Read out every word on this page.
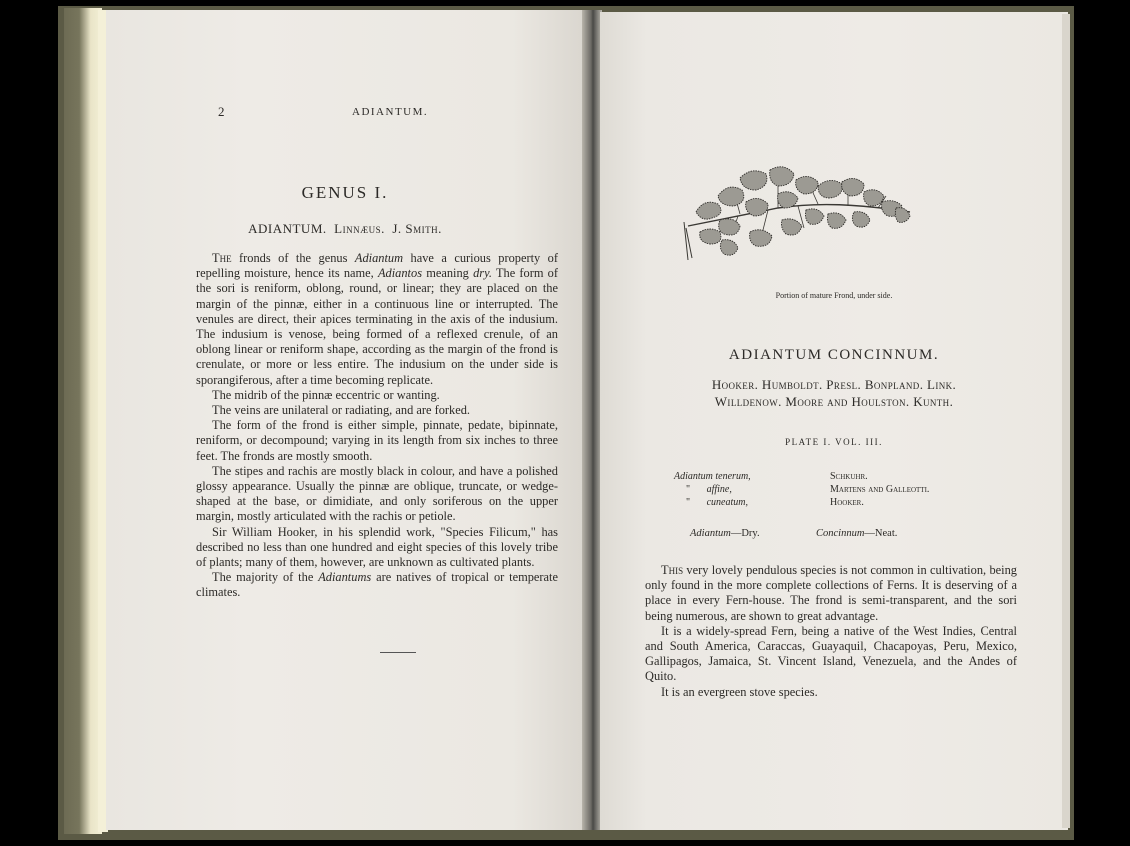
2	ADIANTUM.
GENUS I.
ADIANTUM. Linnæus. J. Smith.

The fronds of the genus Adiantum have a curious property of repelling moisture, hence its name, Adiantos meaning dry. The form of the sori is reniform, oblong, round, or linear; they are placed on the margin of the pinnæ, either in a continuous line or interrupted. The venules are direct, their apices terminating in the axis of the indusium. The indusium is venose, being formed of a reflexed crenule, of an oblong linear or reniform shape, according as the margin of the frond is crenulate, or more or less entire. The indusium on the under side is sporangiferous, after a time becoming replicate.

The midrib of the pinnæ eccentric or wanting.

The veins are unilateral or radiating, and are forked.

The form of the frond is either simple, pinnate, pedate, bipinnate, reniform, or decompound; varying in its length from six inches to three feet. The fronds are mostly smooth.

The stipes and rachis are mostly black in colour, and have a polished glossy appearance. Usually the pinnæ are oblique, truncate, or wedge-shaped at the base, or dimidiate, and only soriferous on the upper margin, mostly articulated with the rachis or petiole.

Sir William Hooker, in his splendid work, "Species Filicum," has described no less than one hundred and eight species of this lovely tribe of plants; many of them, however, are unknown as cultivated plants.

The majority of the Adiantums are natives of tropical or temperate climates.

Portion of mature Frond, under side.
ADIANTUM CONCINNUM.
Hooker. Humboldt. Presl. Bonpland. Link.
Willdenow. Moore and Houlston. Kunth.
PLATE I. VOL. III.
Adiantum tenerum,	Schkuhr.
" affine,	Martens and Galleotti.
" cuneatum,	Hooker.
Adiantum—Dry.	Concinnum—Neat.

This very lovely pendulous species is not common in cultivation, being only found in the more complete collections of Ferns. It is deserving of a place in every Fern-house. The frond is semi-transparent, and the sori being numerous, are shown to great advantage.

It is a widely-spread Fern, being a native of the West Indies, Central and South America, Caraccas, Guayaquil, Chacapoyas, Peru, Mexico, Gallipagos, Jamaica, St. Vincent Island, Venezuela, and the Andes of Quito.

It is an evergreen stove species.
